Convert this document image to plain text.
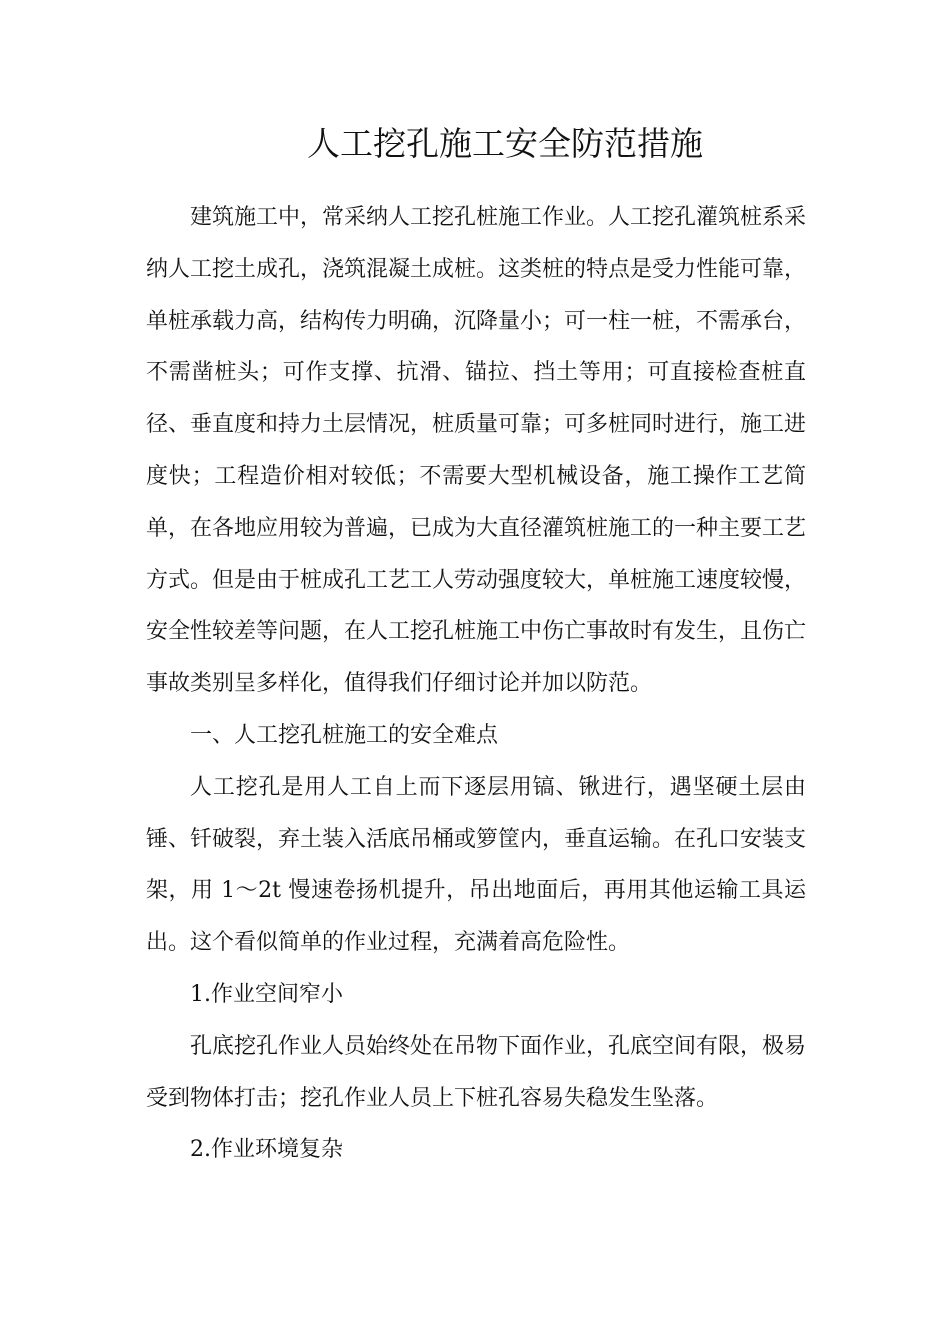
人工挖孔施工安全防范措施

建筑施工中，常采纳人工挖孔桩施工作业。人工挖孔灌筑桩系采纳人工挖土成孔，浇筑混凝土成桩。这类桩的特点是受力性能可靠，单桩承载力高，结构传力明确，沉降量小；可一柱一桩，不需承台，不需凿桩头；可作支撑、抗滑、锚拉、挡土等用；可直接检查桩直径、垂直度和持力土层情况，桩质量可靠；可多桩同时进行，施工进度快；工程造价相对较低；不需要大型机械设备，施工操作工艺简单，在各地应用较为普遍，已成为大直径灌筑桩施工的一种主要工艺方式。但是由于桩成孔工艺工人劳动强度较大，单桩施工速度较慢，安全性较差等问题，在人工挖孔桩施工中伤亡事故时有发生，且伤亡事故类别呈多样化，值得我们仔细讨论并加以防范。

一、人工挖孔桩施工的安全难点

人工挖孔是用人工自上而下逐层用镐、锹进行，遇坚硬土层由锤、钎破裂，弃土装入活底吊桶或箩筐内，垂直运输。在孔口安装支架，用 1～2t 慢速卷扬机提升，吊出地面后，再用其他运输工具运出。这个看似简单的作业过程，充满着高危险性。

1.作业空间窄小

孔底挖孔作业人员始终处在吊物下面作业，孔底空间有限，极易受到物体打击；挖孔作业人员上下桩孔容易失稳发生坠落。

2.作业环境复杂
